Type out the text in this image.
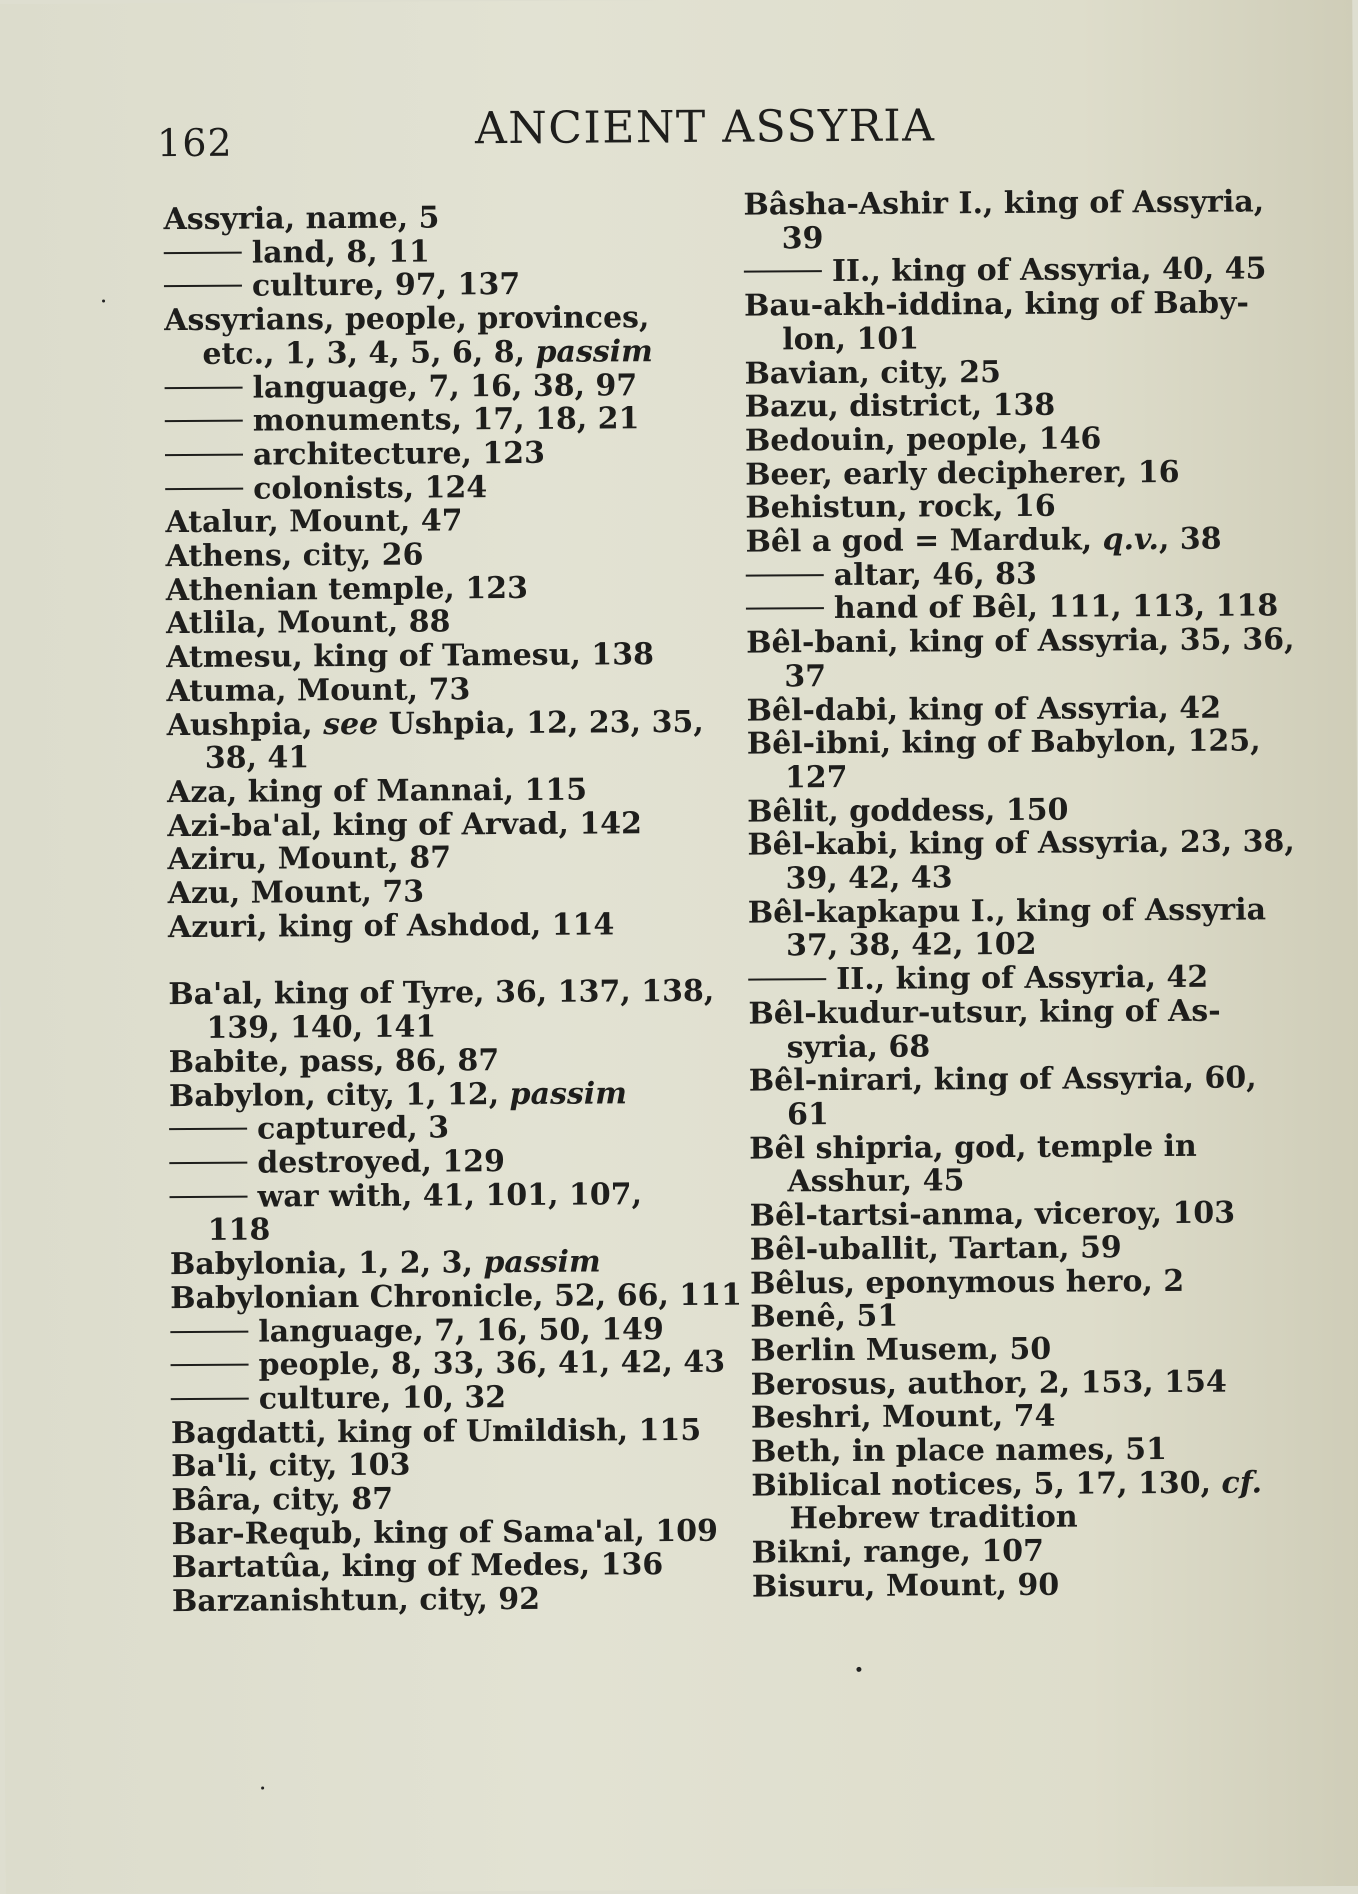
162	ANCIENT ASSYRIA
Assyria, name, 5
land, 8, 11
culture, 97, 137
Assyrians, people, provinces,
etc., 1, 3, 4, 5, 6, 8, passim
language, 7, 16, 38, 97
monuments, 17, 18, 21
architecture, 123
colonists, 124
Atalur, Mount, 47
Athens, city, 26
Athenian temple, 123
Atlila, Mount, 88
Atmesu, king of Tamesu, 138
Atuma, Mount, 73
Aushpia, see Ushpia, 12, 23, 35,
38, 41
Aza, king of Mannai, 115
Azi-ba'al, king of Arvad, 142
Aziru, Mount, 87
Azu, Mount, 73
Azuri, king of Ashdod, 114
Ba'al, king of Tyre, 36, 137, 138,
139, 140, 141
Babite, pass, 86, 87
Babylon, city, 1, 12, passim
captured, 3
destroyed, 129
war with, 41, 101, 107,
118
Babylonia, 1, 2, 3, passim
Babylonian Chronicle, 52, 66, 111
language, 7, 16, 50, 149
people, 8, 33, 36, 41, 42, 43
culture, 10, 32
Bagdatti, king of Umildish, 115
Ba'li, city, 103
Bâra, city, 87
Bar-Requb, king of Sama'al, 109
Bartatûa, king of Medes, 136
Barzanishtun, city, 92
Bâsha-Ashir I., king of Assyria,
39
II., king of Assyria, 40, 45
Bau-akh-iddina, king of Baby-
lon, 101
Bavian, city, 25
Bazu, district, 138
Bedouin, people, 146
Beer, early decipherer, 16
Behistun, rock, 16
Bêl a god = Marduk, q.v., 38
altar, 46, 83
hand of Bêl, 111, 113, 118
Bêl-bani, king of Assyria, 35, 36,
37
Bêl-dabi, king of Assyria, 42
Bêl-ibni, king of Babylon, 125,
127
Bêlit, goddess, 150
Bêl-kabi, king of Assyria, 23, 38,
39, 42, 43
Bêl-kapkapu I., king of Assyria
37, 38, 42, 102
II., king of Assyria, 42
Bêl-kudur-utsur, king of As-
syria, 68
Bêl-nirari, king of Assyria, 60,
61
Bêl shipria, god, temple in
Asshur, 45
Bêl-tartsi-anma, viceroy, 103
Bêl-uballit, Tartan, 59
Bêlus, eponymous hero, 2
Benê, 51
Berlin Musem, 50
Berosus, author, 2, 153, 154
Beshri, Mount, 74
Beth, in place names, 51
Biblical notices, 5, 17, 130, cf.
Hebrew tradition
Bikni, range, 107
Bisuru, Mount, 90
